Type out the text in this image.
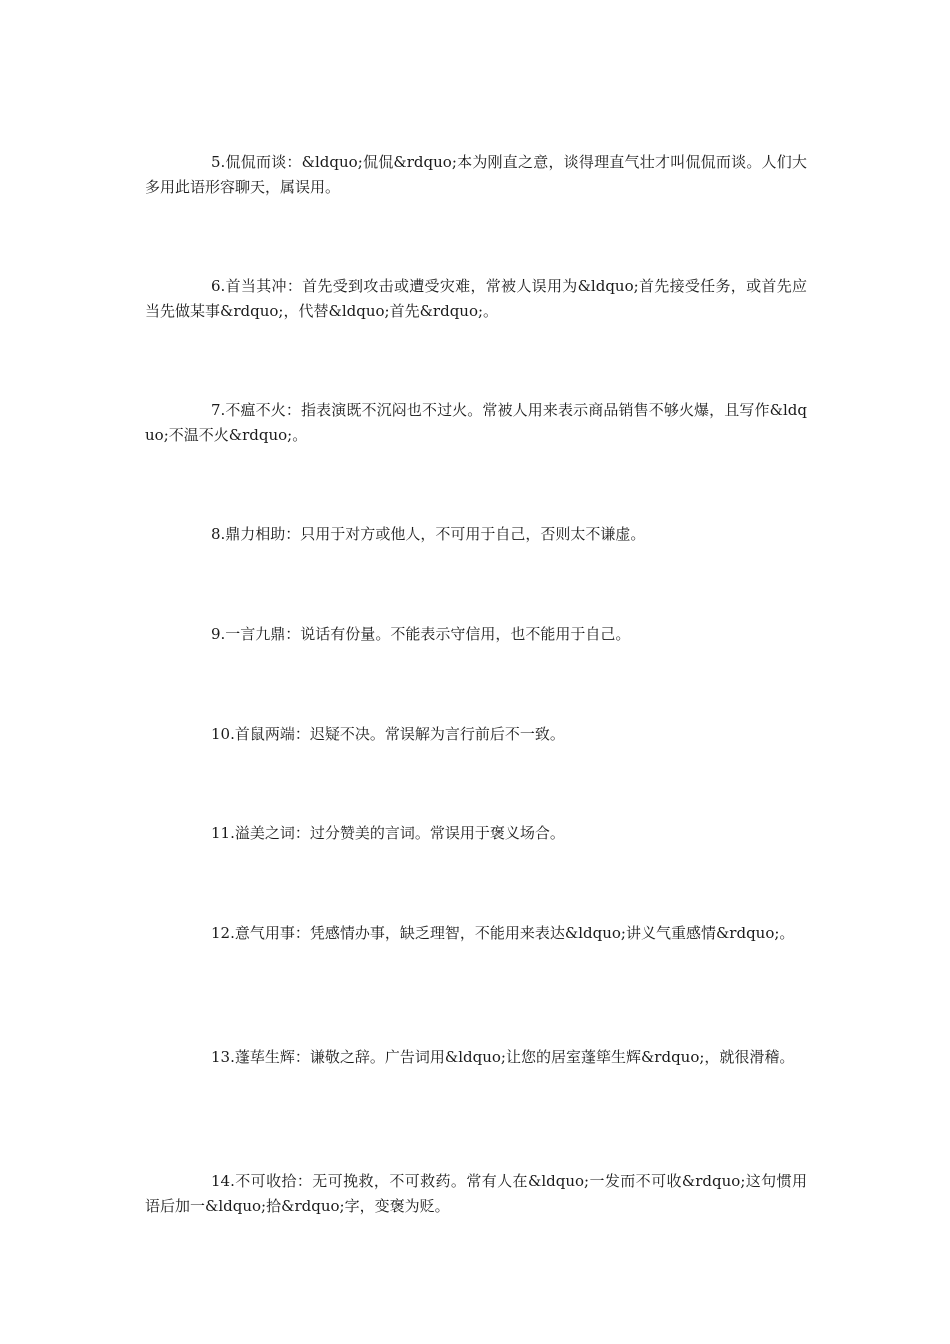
5.侃侃而谈：&ldquo;侃侃&rdquo;本为刚直之意，谈得理直气壮才叫侃侃而谈。人们大多用此语形容聊天，属误用。

6.首当其冲：首先受到攻击或遭受灾难，常被人误用为&ldquo;首先接受任务，或首先应当先做某事&rdquo;，代替&ldquo;首先&rdquo;。

7.不瘟不火：指表演既不沉闷也不过火。常被人用来表示商品销售不够火爆，且写作&ldquo;不温不火&rdquo;。

8.鼎力相助：只用于对方或他人，不可用于自己，否则太不谦虚。

9.一言九鼎：说话有份量。不能表示守信用，也不能用于自己。

10.首鼠两端：迟疑不决。常误解为言行前后不一致。

11.溢美之词：过分赞美的言词。常误用于褒义场合。

12.意气用事：凭感情办事，缺乏理智，不能用来表达&ldquo;讲义气重感情&rdquo;。

13.蓬荜生辉：谦敬之辞。广告词用&ldquo;让您的居室蓬筚生辉&rdquo;，就很滑稽。

14.不可收拾：无可挽救，不可救药。常有人在&ldquo;一发而不可收&rdquo;这句惯用语后加一&ldquo;拾&rdquo;字，变褒为贬。
